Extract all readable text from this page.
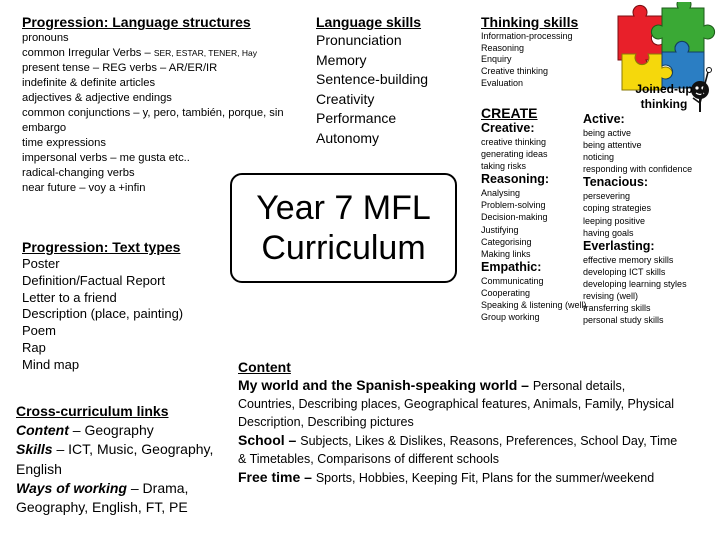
Progression: Language structures
pronouns
common Irregular Verbs – SER, ESTAR, TENER, Hay
present tense – REG verbs – AR/ER/IR
indefinite & definite articles
adjectives & adjective endings
common conjunctions – y, pero, también, porque, sin embargo
time expressions
impersonal verbs – me gusta etc..
radical-changing verbs
near future – voy a +infin
Language skills
Pronunciation
Memory
Sentence-building
Creativity
Performance
Autonomy
Thinking skills
Information-processing
Reasoning
Enquiry
Creative thinking
Evaluation
CREATE
Creative:
creative thinking
generating ideas
taking risks
Reasoning:
Analysing
Problem-solving
Decision-making
Justifying
Categorising
Making links
Empathic:
Communicating
Cooperating
Speaking & listening (well)
Group working
Active:
being active
being attentive
noticing
responding with confidence
Tenacious:
persevering
coping strategies
leeping positive
having goals
Everlasting:
effective memory skills
developing ICT skills
developing learning styles
revising (well)
transferring skills
personal study skills
Joined-up
thinking
Year 7 MFL
Curriculum
Progression: Text types
Poster
Definition/Factual Report
Letter to a friend
Description (place, painting)
Poem
Rap
Mind map
Cross-curriculum links
Content – Geography
Skills – ICT, Music, Geography, English
Ways of working – Drama, Geography, English, FT, PE
Content
My world and the Spanish-speaking world – Personal details, Countries, Describing places, Geographical features, Animals, Family, Physical Description, Describing pictures
School – Subjects, Likes & Dislikes, Reasons, Preferences, School Day, Time & Timetables, Comparisons of different schools
Free time – Sports, Hobbies, Keeping Fit, Plans for the summer/weekend
